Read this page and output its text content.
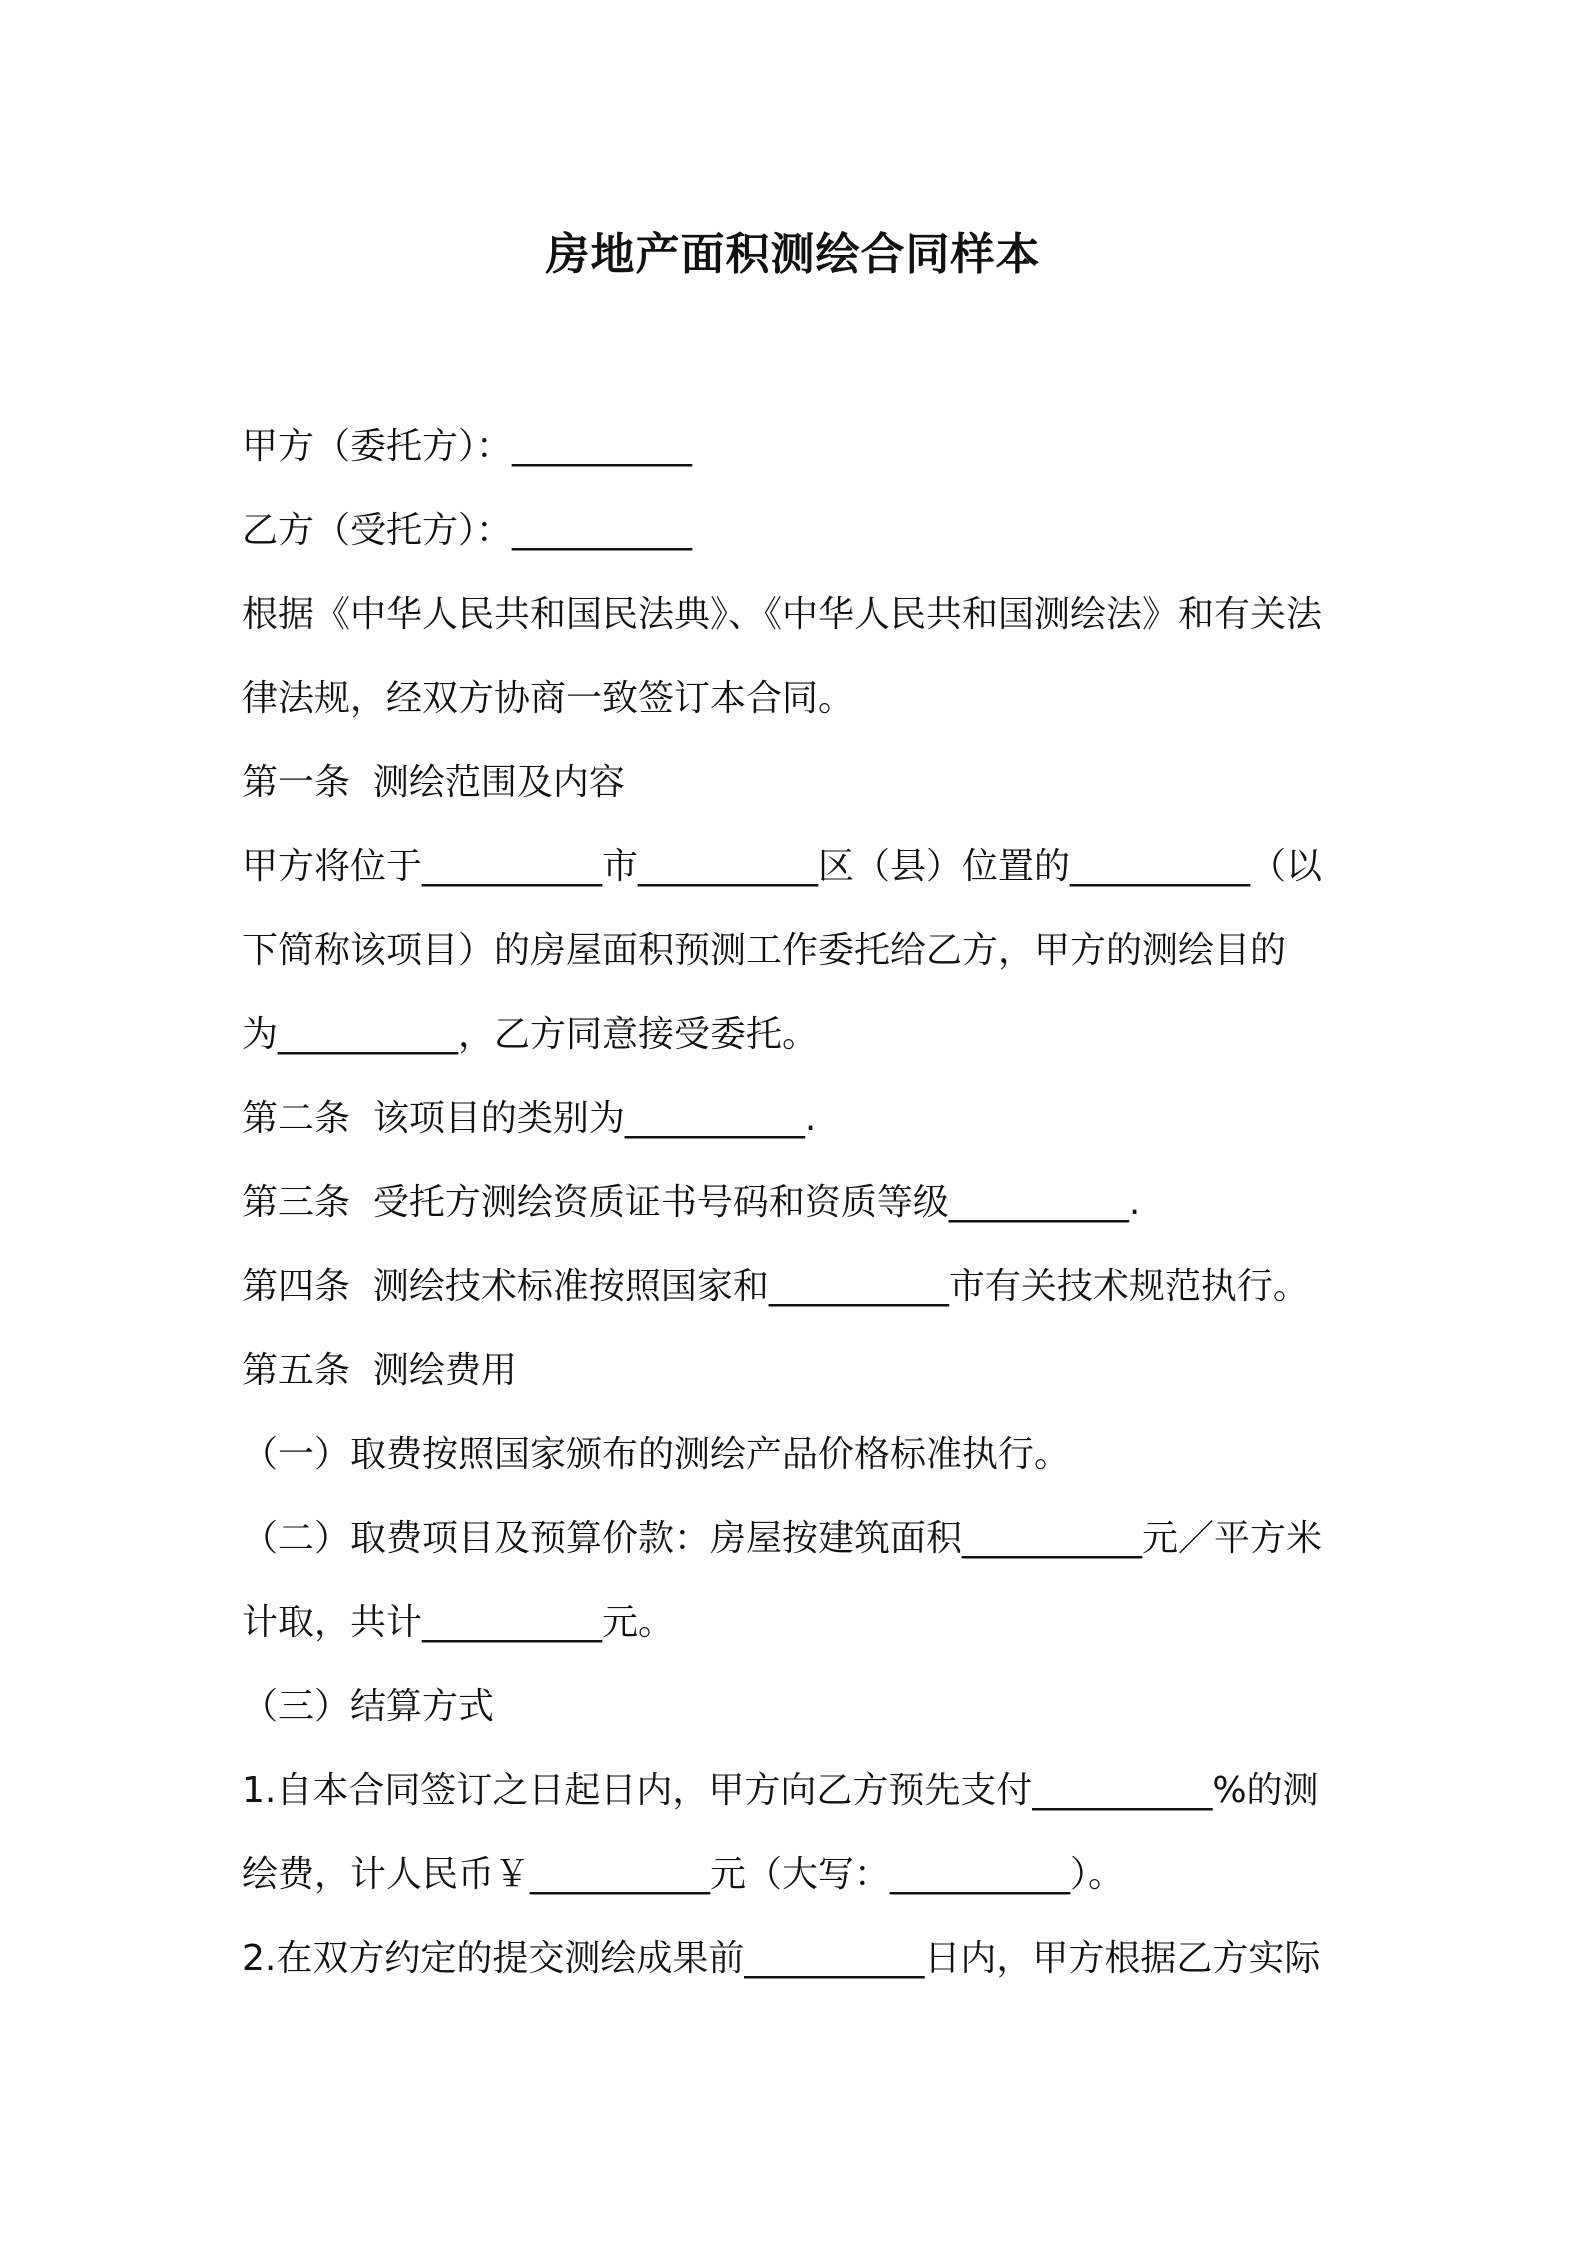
房地产面积测绘合同样本
甲方（委托方）：__________
乙方（受托方）：__________
根据《中华人民共和国民法典》、《中华人民共和国测绘法》和有关法
律法规，经双方协商一致签订本合同。
第一条  测绘范围及内容
甲方将位于__________市__________区（县）位置的__________（以
下简称该项目）的房屋面积预测工作委托给乙方，甲方的测绘目的
为__________，乙方同意接受委托。
第二条  该项目的类别为__________.
第三条  受托方测绘资质证书号码和资质等级__________.
第四条  测绘技术标准按照国家和__________市有关技术规范执行。
第五条  测绘费用
（一）取费按照国家颁布的测绘产品价格标准执行。
（二）取费项目及预算价款：房屋按建筑面积__________元／平方米
计取，共计__________元。
（三）结算方式
1.自本合同签订之日起日内，甲方向乙方预先支付__________%的测
绘费，计人民币￥__________元（大写：__________）。
2.在双方约定的提交测绘成果前__________日内，甲方根据乙方实际
